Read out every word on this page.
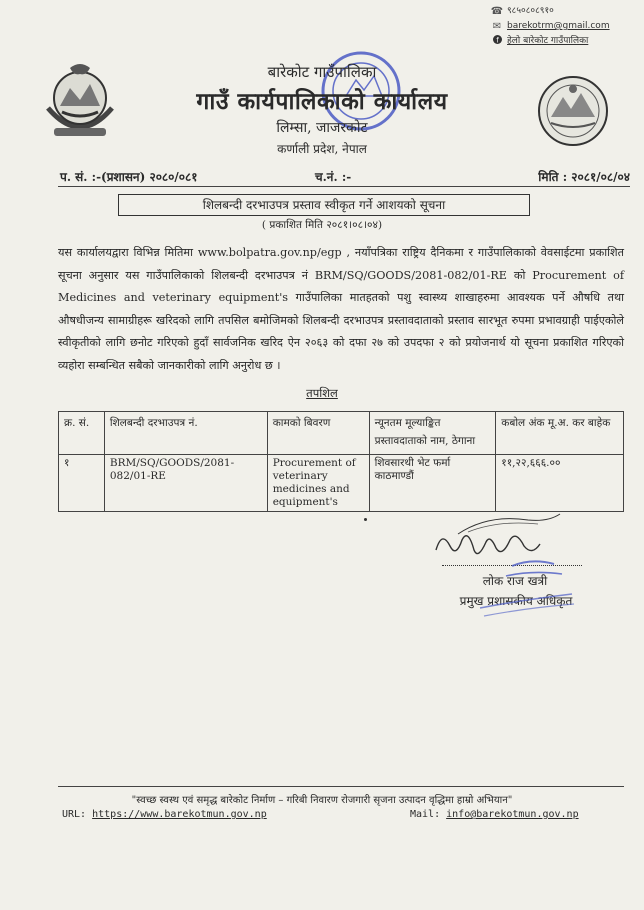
☎ ९८५०८०८९१०
✉ barekotrm@gmail.com
f हेलो बारेकोट गाउँपालिका
बारेकोट गाउँपालिका
गाउँ कार्यपालिकाको कार्यालय
लिम्सा, जाजरकोट
कर्णाली प्रदेश, नेपाल
प. सं. :-(प्रशासन) २०८०/०८१	च.नं. :-	मिति : २०८१/०८/०४
शिलबन्दी दरभाउपत्र प्रस्ताव स्वीकृत गर्ने आशयको सूचना
( प्रकाशित मिति २०८१।०८।०४)
यस कार्यालयद्वारा विभिन्न मितिमा www.bolpatra.gov.np/egp , नयाँपत्रिका राष्ट्रिय दैनिकमा र गाउँपालिकाको वेवसाईटमा प्रकाशित सूचना अनुसार यस गाउँपालिकाको शिलबन्दी दरभाउपत्र नं BRM/SQ/GOODS/2081-082/01-RE को Procurement of Medicines and veterinary equipment's गाउँपालिका मातहतको पशु स्वास्थ्य शाखाहरुमा आवश्यक पर्ने औषधि तथा औषधीजन्य सामाग्रीहरू खरिदको लागि तपसिल बमोजिमको शिलबन्दी दरभाउपत्र प्रस्तावदाताको प्रस्ताव सारभूत रुपमा प्रभावग्राही पाईएकोले स्वीकृतीको लागि छनोट गरिएको हुदाँ सार्वजनिक खरिद ऐन २०६३ को दफा २७ को उपदफा २ को प्रयोजनार्थ यो सूचना प्रकाशित गरिएको व्यहोरा सम्बन्धित सबैको जानकारीको लागि अनुरोध छ ।
तपशिल
क्र. सं.	शिलबन्दी दरभाउपत्र नं.	कामको बिवरण	न्यूनतम मूल्याङ्कित प्रस्तावदाताको नाम, ठेगाना	कबोल अंक मू.अ. कर बाहेक
१	BRM/SQ/GOODS/2081-082/01-RE	Procurement of veterinary medicines and equipment's	शिवसारथी भेट फर्मा काठमाण्डौं	११,२२,६६६.००
लोक राज खत्री
प्रमुख प्रशासकीय अधिकृत
"स्वच्छ स्वस्थ एवं समृद्ध बारेकोट निर्माण – गरिबी निवारण रोजगारी सृजना उत्पादन वृद्धिमा हाम्रो अभियान"
URL: https://www.barekotmun.gov.np	Mail: info@barekotmun.gov.np
